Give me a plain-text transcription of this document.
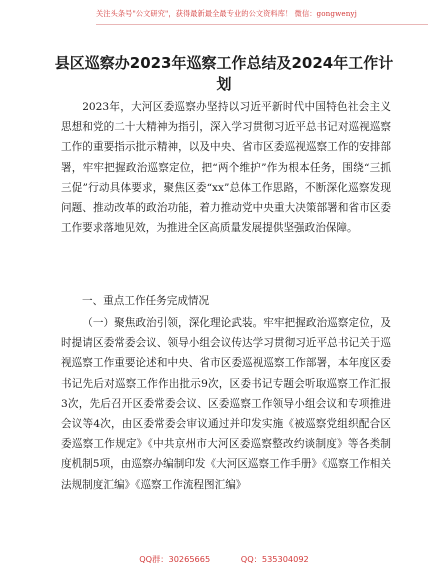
关注头条号"公文研究"，获得最新最全最专业的公文资料库！ 微信：gongwenyj
县区巡察办2023年巡察工作总结及2024年工作计划
2023年，大河区委巡察办坚持以习近平新时代中国特色社会主义思想和党的二十大精神为指引，深入学习贯彻习近平总书记对巡视巡察工作的重要指示批示精神，以及中央、省市区委巡视巡察工作的安排部署，牢牢把握政治巡察定位，把“两个维护”作为根本任务，围绕“三抓三促”行动具体要求，聚焦区委“xx”总体工作思路，不断深化巡察发现问题、推动改革的政治功能，着力推动党中央重大决策部署和省市区委工作要求落地见效，为推进全区高质量发展提供坚强政治保障。
一、重点工作任务完成情况
（一）聚焦政治引领，深化理论武装。牢牢把握政治巡察定位，及时提请区委常委会议、领导小组会议传达学习贯彻习近平总书记关于巡视巡察工作重要论述和中央、省市区委巡视巡察工作部署，本年度区委书记先后对巡察工作作出批示9次，区委书记专题会听取巡察工作汇报3次，先后召开区委常委会议、区委巡察工作领导小组会议和专项推进会议等4次，由区委常委会审议通过并印发实施《被巡察党组织配合区委巡察工作规定》《中共京州市大河区委巡察整改约谈制度》等各类制度机制5项，由巡察办编制印发《大河区巡察工作手册》《巡察工作相关法规制度汇编》《巡察工作流程图汇编》
QQ群：30265665	QQ：535304092
